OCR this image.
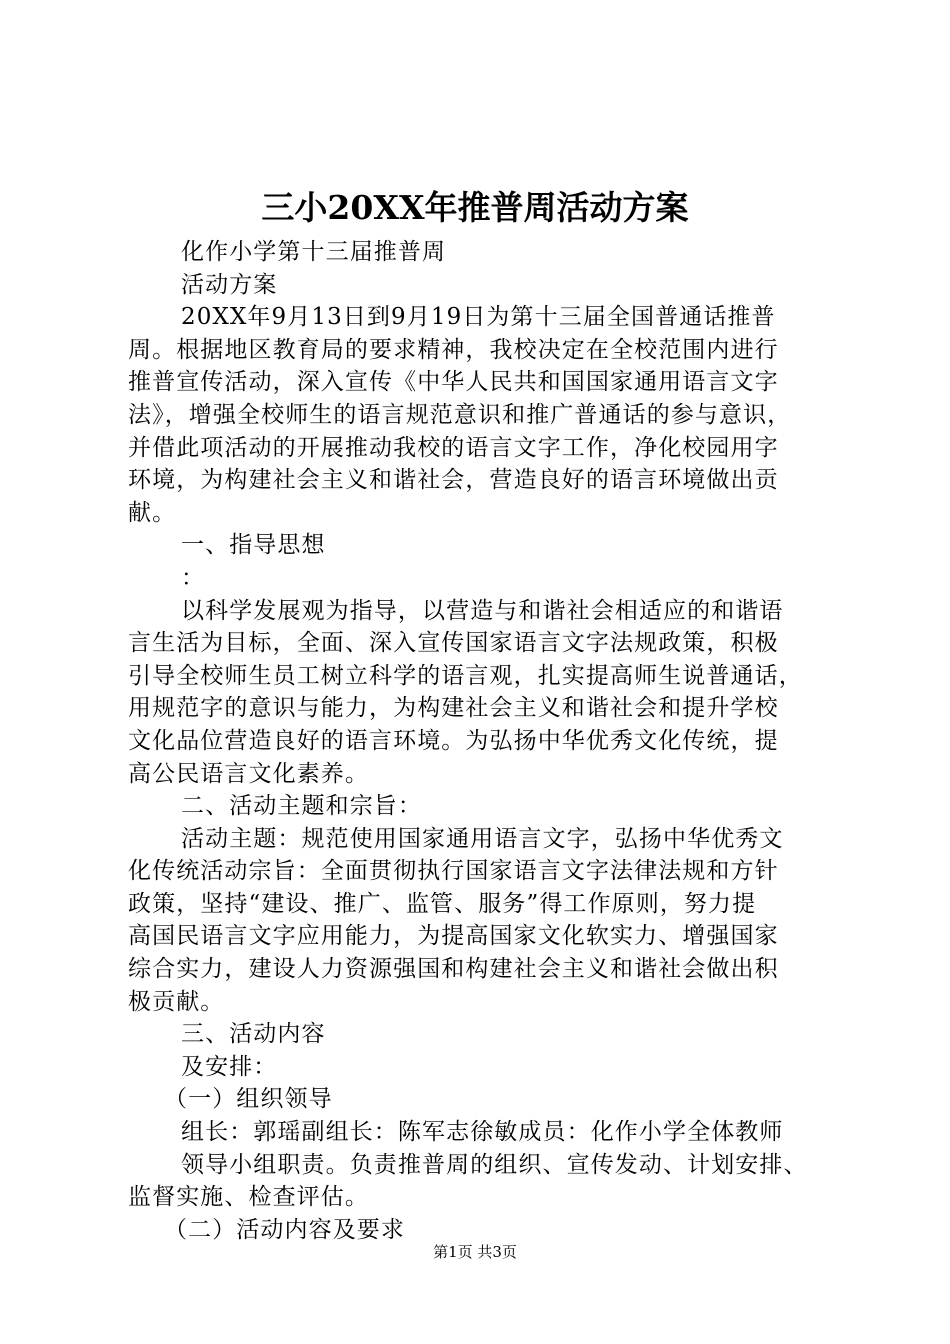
三小20XX年推普周活动方案
化作小学第十三届推普周
活动方案
20XX年9月13日到9月19日为第十三届全国普通话推普
周。根据地区教育局的要求精神，我校决定在全校范围内进行
推普宣传活动，深入宣传《中华人民共和国国家通用语言文字
法》，增强全校师生的语言规范意识和推广普通话的参与意识，
并借此项活动的开展推动我校的语言文字工作，净化校园用字
环境，为构建社会主义和谐社会，营造良好的语言环境做出贡
献。
一、指导思想
：
以科学发展观为指导，以营造与和谐社会相适应的和谐语
言生活为目标，全面、深入宣传国家语言文字法规政策，积极
引导全校师生员工树立科学的语言观，扎实提高师生说普通话，
用规范字的意识与能力，为构建社会主义和谐社会和提升学校
文化品位营造良好的语言环境。为弘扬中华优秀文化传统，提
高公民语言文化素养。
二、活动主题和宗旨：
活动主题：规范使用国家通用语言文字，弘扬中华优秀文
化传统活动宗旨：全面贯彻执行国家语言文字法律法规和方针
政策，坚持“建设、推广、监管、服务”得工作原则，努力提
高国民语言文字应用能力，为提高国家文化软实力、增强国家
综合实力，建设人力资源强国和构建社会主义和谐社会做出积
极贡献。
三、活动内容
及安排：
（一）组织领导
组长：郭瑶副组长：陈军志徐敏成员：化作小学全体教师
领导小组职责。负责推普周的组织、宣传发动、计划安排、
监督实施、检查评估。
（二）活动内容及要求
第1页 共3页
